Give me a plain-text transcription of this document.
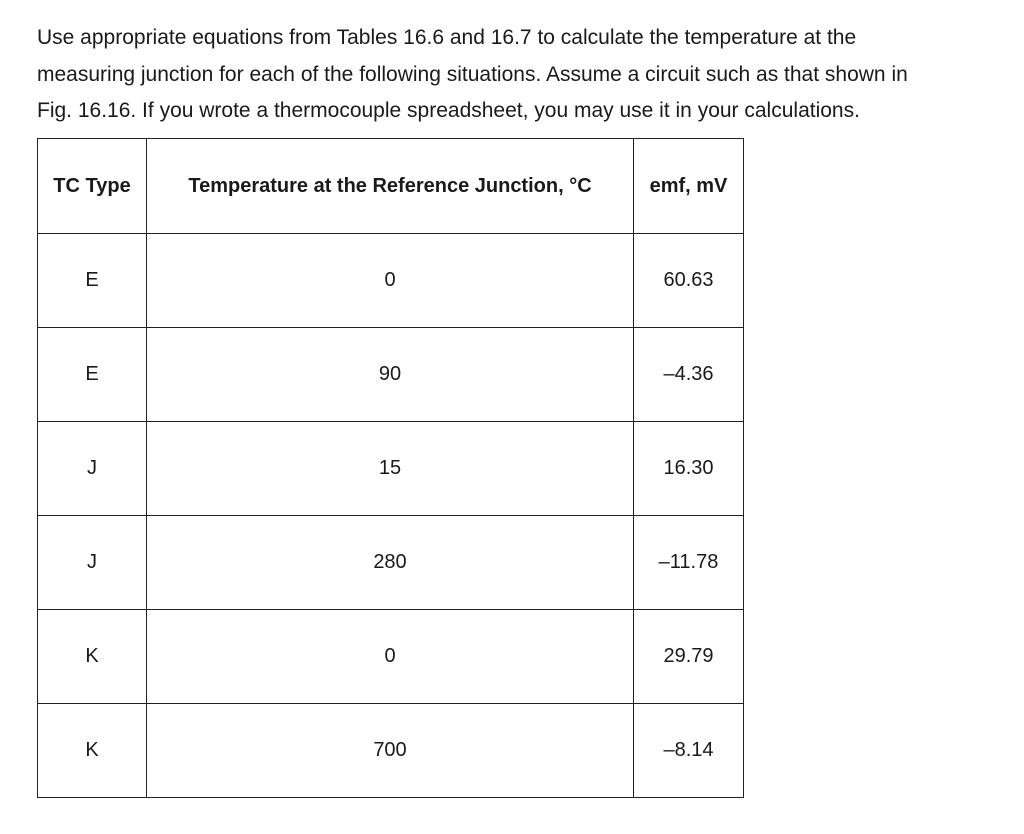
Use appropriate equations from Tables 16.6 and 16.7 to calculate the temperature at the
measuring junction for each of the following situations. Assume a circuit such as that shown in
Fig. 16.16. If you wrote a thermocouple spreadsheet, you may use it in your calculations.

TC Type	Temperature at the Reference Junction, °C	emf, mV
E	0	60.63
E	90	–4.36
J	15	16.30
J	280	–11.78
K	0	29.79
K	700	–8.14
